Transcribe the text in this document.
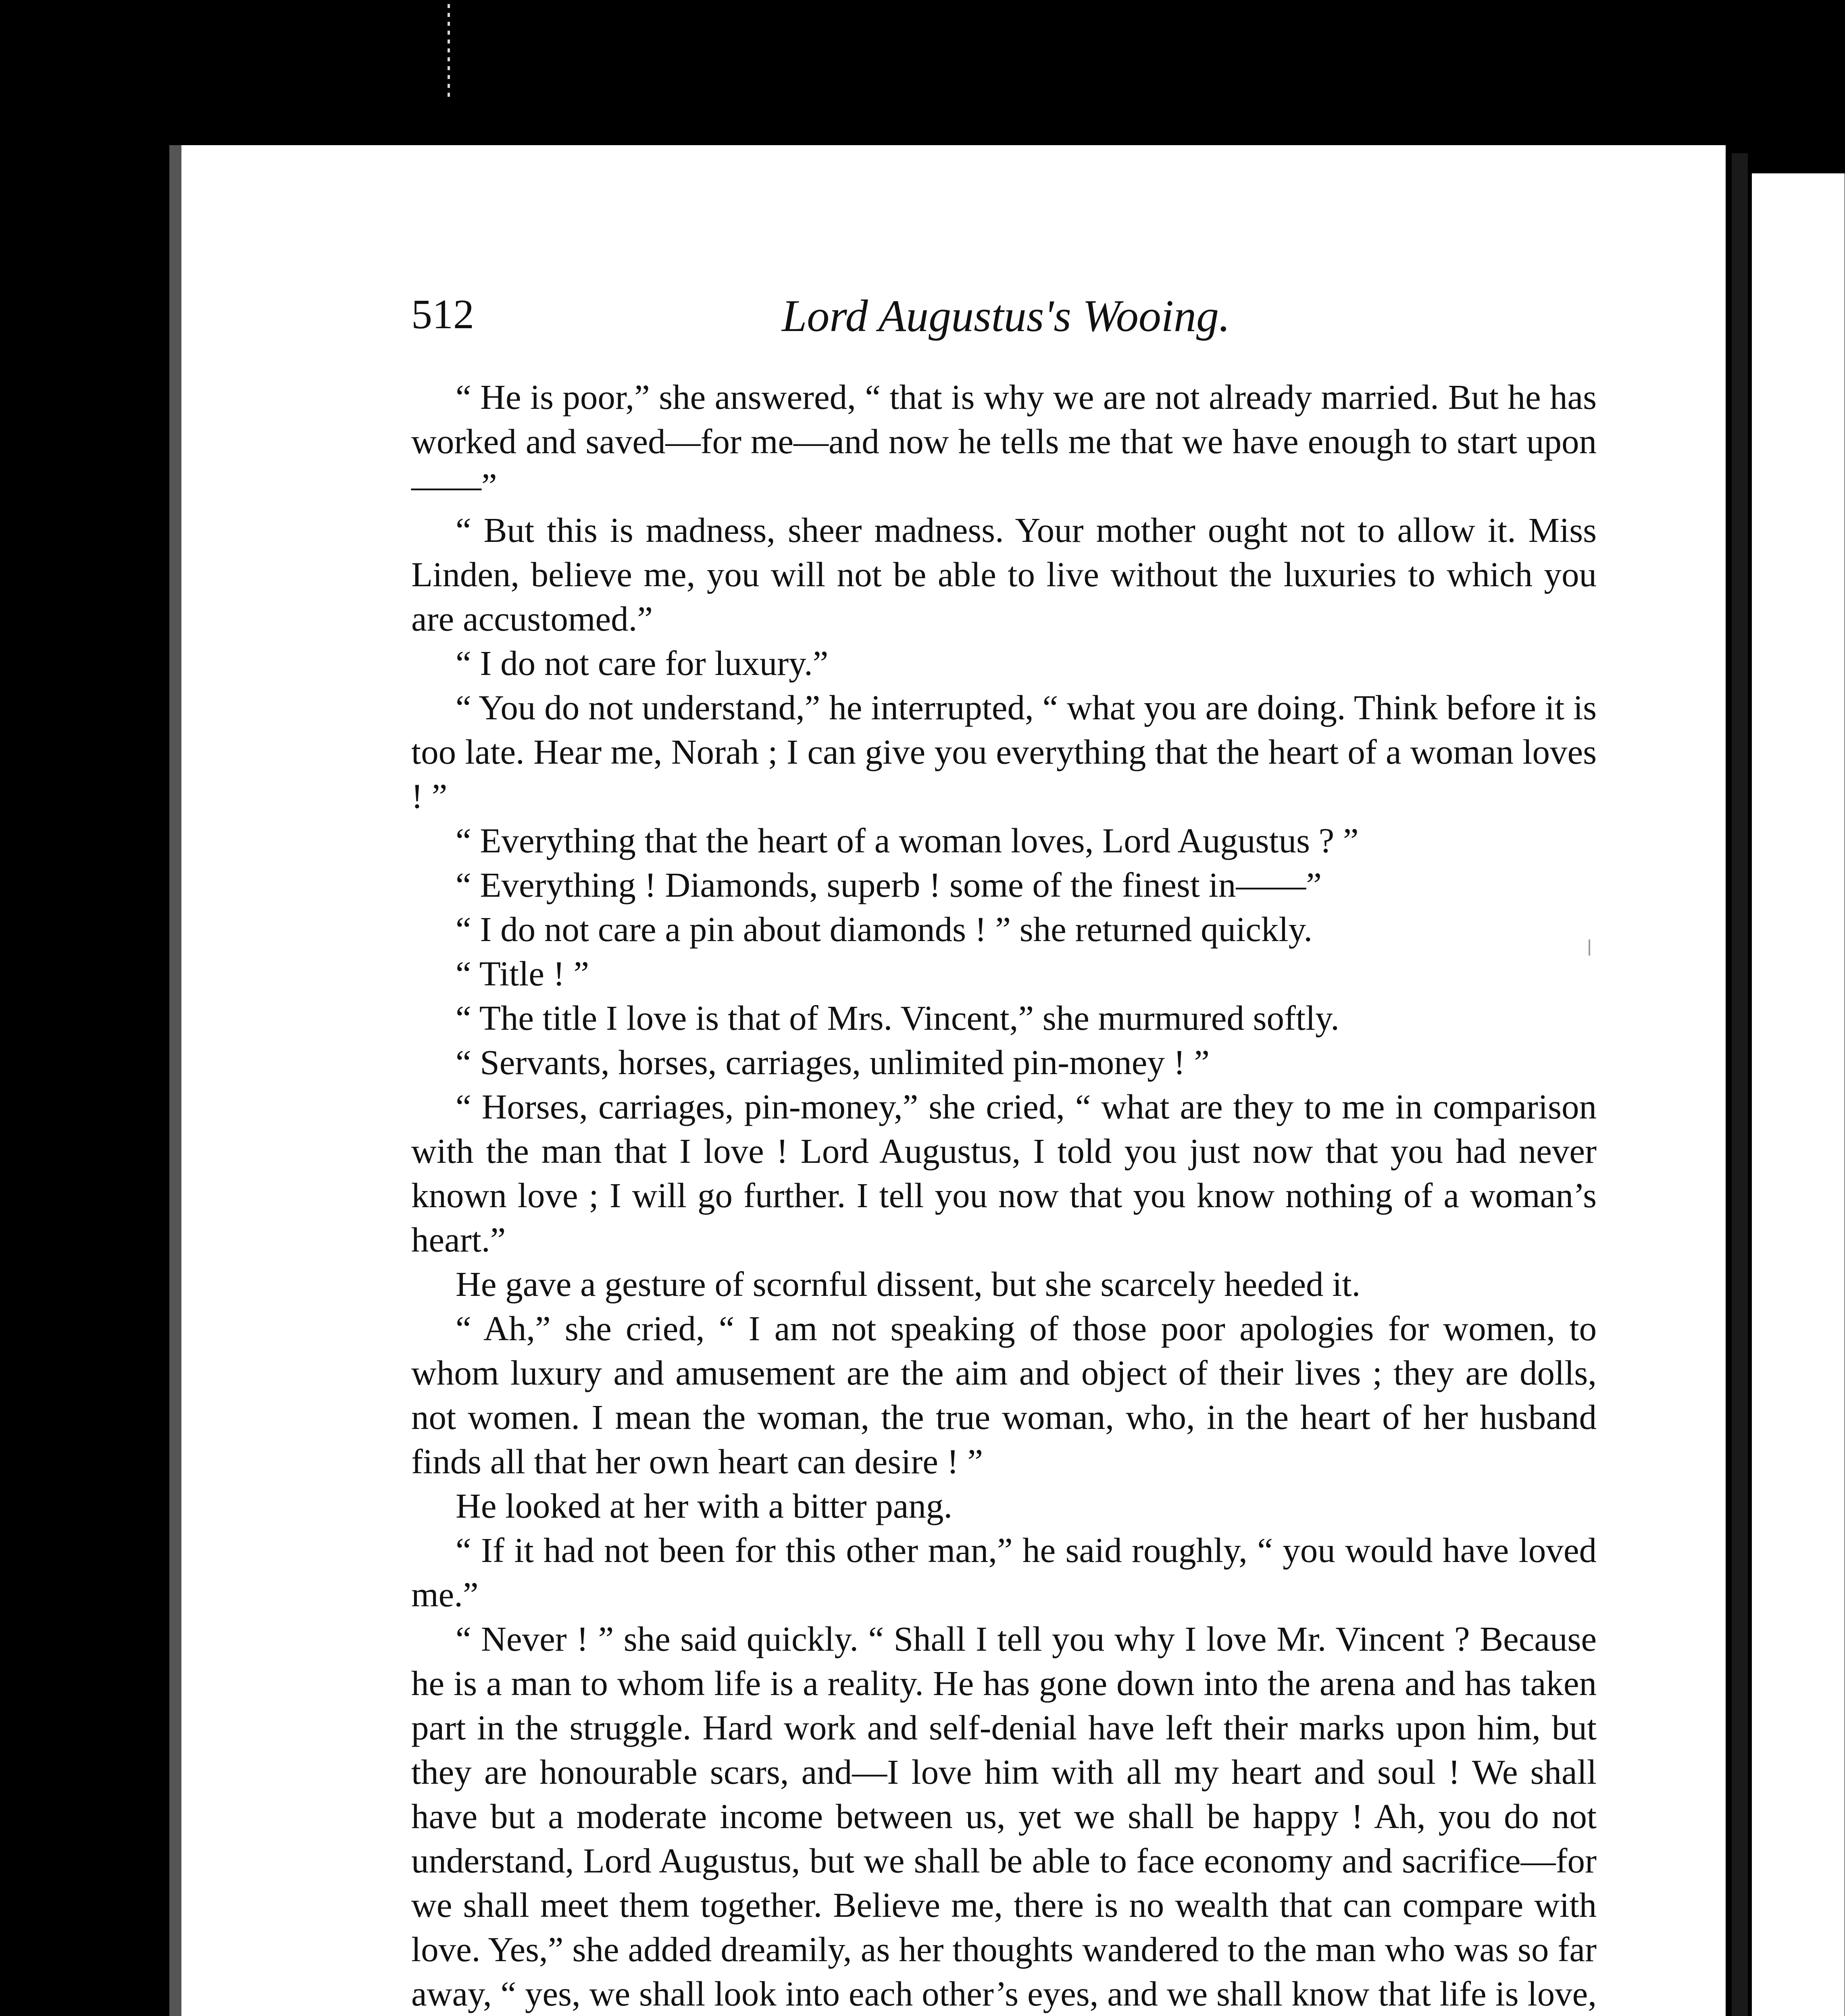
512	Lord Augustus's Wooing.

“ He is poor,” she answered, “ that is why we are not already married. But he has worked and saved—for me—and now he tells me that we have enough to start upon——”

“ But this is madness, sheer madness. Your mother ought not to allow it. Miss Linden, believe me, you will not be able to live without the luxuries to which you are accustomed.”

“ I do not care for luxury.”

“ You do not understand,” he interrupted, “ what you are doing. Think before it is too late. Hear me, Norah ; I can give you everything that the heart of a woman loves ! ”

“ Everything that the heart of a woman loves, Lord Augustus ? ”

“ Everything ! Diamonds, superb ! some of the finest in——”

“ I do not care a pin about diamonds ! ” she returned quickly.

“ Title ! ”

“ The title I love is that of Mrs. Vincent,” she murmured softly.

“ Servants, horses, carriages, unlimited pin-money ! ”

“ Horses, carriages, pin-money,” she cried, “ what are they to me in comparison with the man that I love ! Lord Augustus, I told you just now that you had never known love ; I will go further. I tell you now that you know nothing of a woman’s heart.”

He gave a gesture of scornful dissent, but she scarcely heeded it.

“ Ah,” she cried, “ I am not speaking of those poor apologies for women, to whom luxury and amusement are the aim and object of their lives ; they are dolls, not women. I mean the woman, the true woman, who, in the heart of her husband finds all that her own heart can desire ! ”

He looked at her with a bitter pang.

“ If it had not been for this other man,” he said roughly, “ you would have loved me.”

“ Never ! ” she said quickly. “ Shall I tell you why I love Mr. Vincent ? Because he is a man to whom life is a reality. He has gone down into the arena and has taken part in the struggle. Hard work and self-denial have left their marks upon him, but they are honourable scars, and—I love him with all my heart and soul ! We shall have but a moderate income between us, yet we shall be happy ! Ah, you do not understand, Lord Augustus, but we shall be able to face economy and sacrifice—for we shall meet them together. Believe me, there is no wealth that can compare with love. Yes,” she added dreamily, as her thoughts wandered to the man who was so far away, “ yes, we shall look into each other’s eyes, and we shall know that life is love,
